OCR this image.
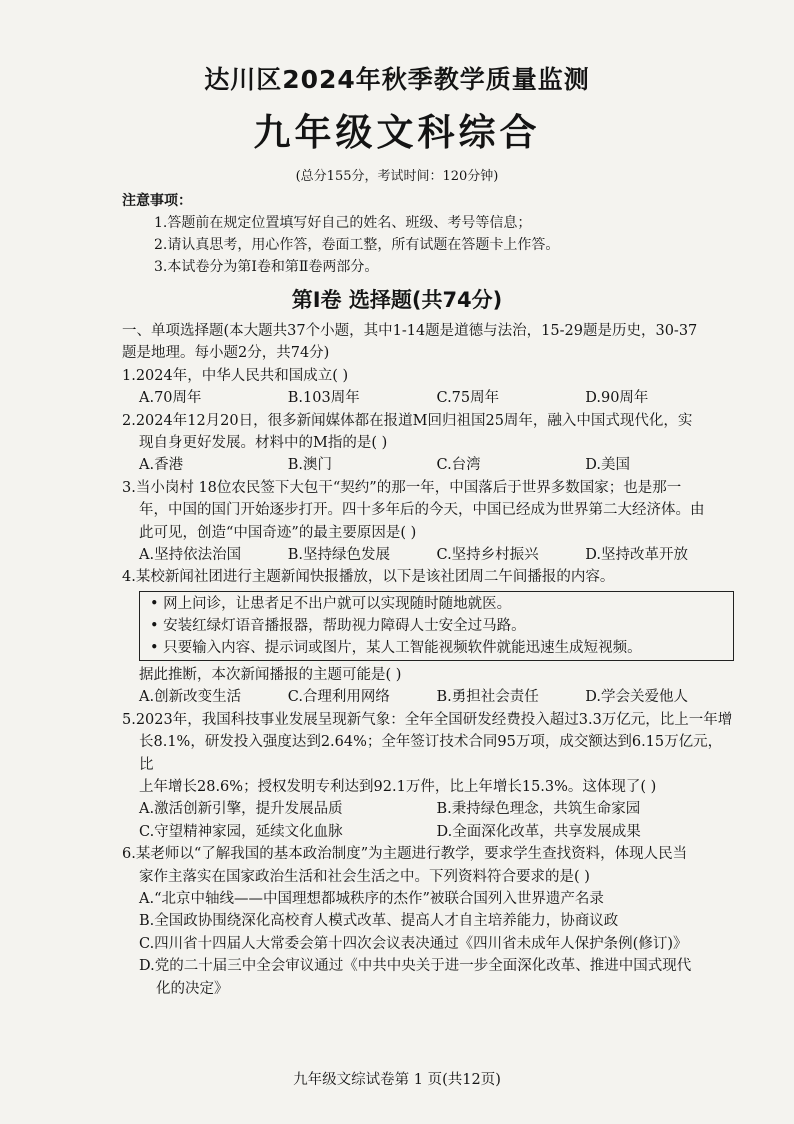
达川区2024年秋季教学质量监测
九年级文科综合
(总分155分，考试时间：120分钟)
注意事项：
1.答题前在规定位置填写好自己的姓名、班级、考号等信息；
2.请认真思考，用心作答，卷面工整，所有试题在答题卡上作答。
3.本试卷分为第Ⅰ卷和第Ⅱ卷两部分。
第Ⅰ卷 选择题(共74分)

一、单项选择题(本大题共37个小题，其中1-14题是道德与法治，15-29题是历史，30-37

题是地理。每小题2分，共74分)

1.2024年，中华人民共和国成立( )

A.70周年	B.103周年	C.75周年	D.90周年

2.2024年12月20日，很多新闻媒体都在报道M回归祖国25周年，融入中国式现代化，实

现自身更好发展。材料中的M指的是( )

A.香港	B.澳门	C.台湾	D.美国

3.当小岗村 18位农民签下大包干“契约”的那一年，中国落后于世界多数国家；也是那一

年，中国的国门开始逐步打开。四十多年后的今天，中国已经成为世界第二大经济体。由

此可见，创造“中国奇迹”的最主要原因是( )

A.坚持依法治国	B.坚持绿色发展	C.坚持乡村振兴	D.坚持改革开放

4.某校新闻社团进行主题新闻快报播放，以下是该社团周二午间播报的内容。

• 网上问诊，让患者足不出户就可以实现随时随地就医。
• 安装红绿灯语音播报器，帮助视力障碍人士安全过马路。
• 只要输入内容、提示词或图片，某人工智能视频软件就能迅速生成短视频。

据此推断，本次新闻播报的主题可能是( )

A.创新改变生活	C.合理利用网络	B.勇担社会责任	D.学会关爱他人

5.2023年，我国科技事业发展呈现新气象：全年全国研发经费投入超过3.3万亿元，比上一年增

长8.1%，研发投入强度达到2.64%；全年签订技术合同95万项，成交额达到6.15万亿元，比

上年增长28.6%；授权发明专利达到92.1万件，比上年增长15.3%。这体现了( )

A.激活创新引擎，提升发展品质	B.秉持绿色理念，共筑生命家园
C.守望精神家园，延续文化血脉	D.全面深化改革，共享发展成果

6.某老师以“了解我国的基本政治制度”为主题进行教学，要求学生查找资料，体现人民当

家作主落实在国家政治生活和社会生活之中。下列资料符合要求的是( )

A.“北京中轴线——中国理想都城秩序的杰作”被联合国列入世界遗产名录

B.全国政协围绕深化高校育人模式改革、提高人才自主培养能力，协商议政

C.四川省十四届人大常委会第十四次会议表决通过《四川省未成年人保护条例(修订)》

D.党的二十届三中全会审议通过《中共中央关于进一步全面深化改革、推进中国式现代

化的决定》

九年级文综试卷第 1 页(共12页)
